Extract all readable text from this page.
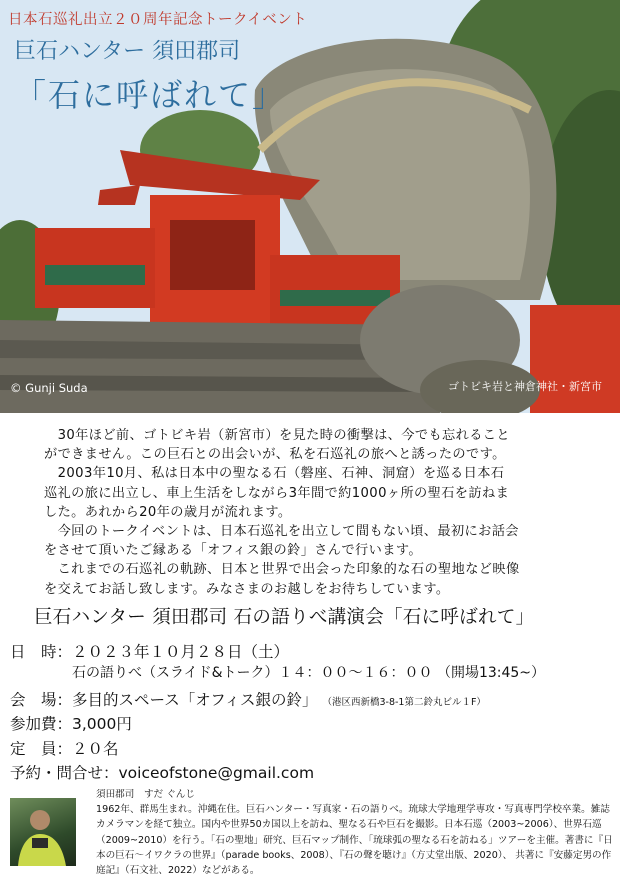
日本石巡礼出立２０周年記念トークイベント
巨石ハンター 須田郡司
「石に呼ばれて」
© Gunji Suda	ゴトビキ岩と神倉神社・新宮市

　30年ほど前、ゴトビキ岩（新宮市）を見た時の衝撃は、今でも忘れること

ができません。この巨石との出会いが、私を石巡礼の旅へと誘ったのです。

　2003年10月、私は日本中の聖なる石（磐座、石神、洞窟）を巡る日本石

巡礼の旅に出立し、車上生活をしながら3年間で約1000ヶ所の聖石を訪ねま

した。あれから20年の歳月が流れます。

　今回のトークイベントは、日本石巡礼を出立して間もない頃、最初にお話会

をさせて頂いたご縁ある「オフィス銀の鈴」さんで行います。

　これまでの石巡礼の軌跡、日本と世界で出会った印象的な石の聖地など映像

を交えてお話し致します。みなさまのお越しをお待ちしています。

巨石ハンター 須田郡司 石の語りべ講演会「石に呼ばれて」
日　時：２０２３年１０月２８日（土）
石の語りべ（スライド&トーク）１４：００〜１６：００ （開場13:45~）
会　場：多目的スペース「オフィス銀の鈴」 （港区西新橋3-8-1第二鈴丸ビル１F）
参加費：3,000円
定　員：２０名
予約・問合せ：voiceofstone@gmail.com
須田郡司　すだ ぐんじ
1962年、群馬生まれ。沖縄在住。巨石ハンター・写真家・石の語りべ。琉球大学地理学専攻・写真専門学校卒業。雑誌カメラマンを経て独立。国内や世界50カ国以上を訪ね、聖なる石や巨石を撮影。日本石巡（2003~2006）、世界石巡（2009~2010）を行う。「石の聖地」研究、巨石マップ制作、「琉球弧の聖なる石を訪ねる」ツアーを主催。著書に『日本の巨石〜イワクラの世界』（parade books、2008）、『石の聲を聴け』（方丈堂出版、2020）、 共著に『安藤定男の作庭記』（石文社、2022）などがある。
